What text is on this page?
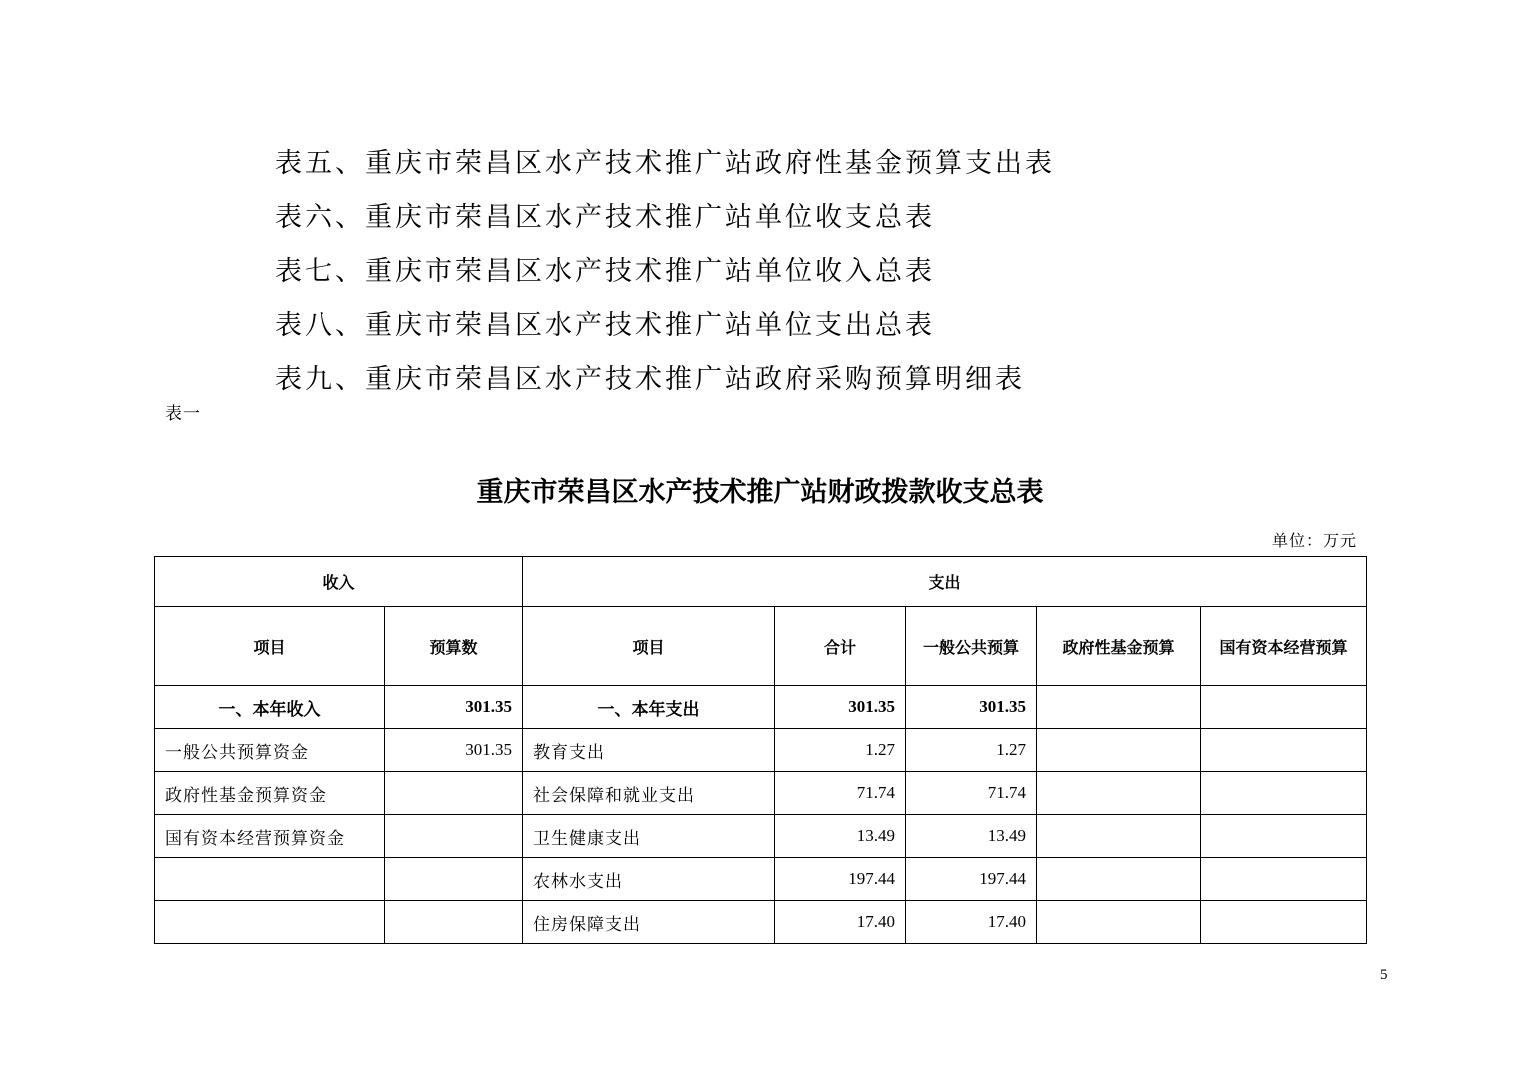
表五、重庆市荣昌区水产技术推广站政府性基金预算支出表
表六、重庆市荣昌区水产技术推广站单位收支总表
表七、重庆市荣昌区水产技术推广站单位收入总表
表八、重庆市荣昌区水产技术推广站单位支出总表
表九、重庆市荣昌区水产技术推广站政府采购预算明细表
表一
重庆市荣昌区水产技术推广站财政拨款收支总表
单位：万元
收入		支出				
项目	预算数	项目	合计	一般公共预算	政府性基金预算	国有资本经营预算
一、本年收入	301.35	一、本年支出	301.35	301.35		
一般公共预算资金	301.35	教育支出	1.27	1.27		
政府性基金预算资金		社会保障和就业支出	71.74	71.74		
国有资本经营预算资金		卫生健康支出	13.49	13.49		
		农林水支出	197.44	197.44		
		住房保障支出	17.40	17.40		
5
